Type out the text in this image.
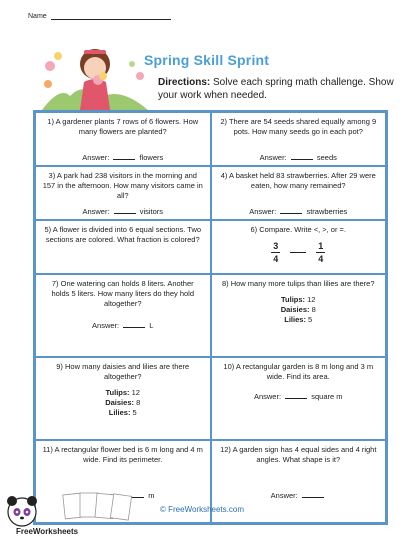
Name
Spring Skill Sprint
Directions: Solve each spring math challenge. Show your work when needed.
1) A gardener plants 7 rows of 6 flowers. How many flowers are planted?
Answer:	flowers
2) There are 54 seeds shared equally among 9 pots. How many seeds go in each pot?
Answer:	seeds
3) A park had 238 visitors in the morning and 157 in the afternoon. How many visitors came in all?
Answer:	visitors
4) A basket held 83 strawberries. After 29 were eaten, how many remained?
Answer:	strawberries
5) A flower is divided into 6 equal sections. Two sections are colored. What fraction is colored?
6) Compare. Write <, >, or =.
$\frac{3}{4}$	$\frac{1}{4}$
7) One watering can holds 8 liters. Another holds 5 liters. How many liters do they hold altogether?
Answer:	L
8) How many more tulips than lilies are there?
Tulips: 12
Daisies: 8
Lilies: 5
9) How many daisies and lilies are there altogether?
Tulips: 12
Daisies: 8
Lilies: 5
10) A rectangular garden is 8 m long and 3 m wide. Find its area.
Answer:	square m
11) A rectangular flower bed is 6 m long and 4 m wide. Find its perimeter.
m
12) A garden sign has 4 equal sides and 4 right angles. What shape is it?
Answer:
FreeWorksheets
© FreeWorksheets.com
